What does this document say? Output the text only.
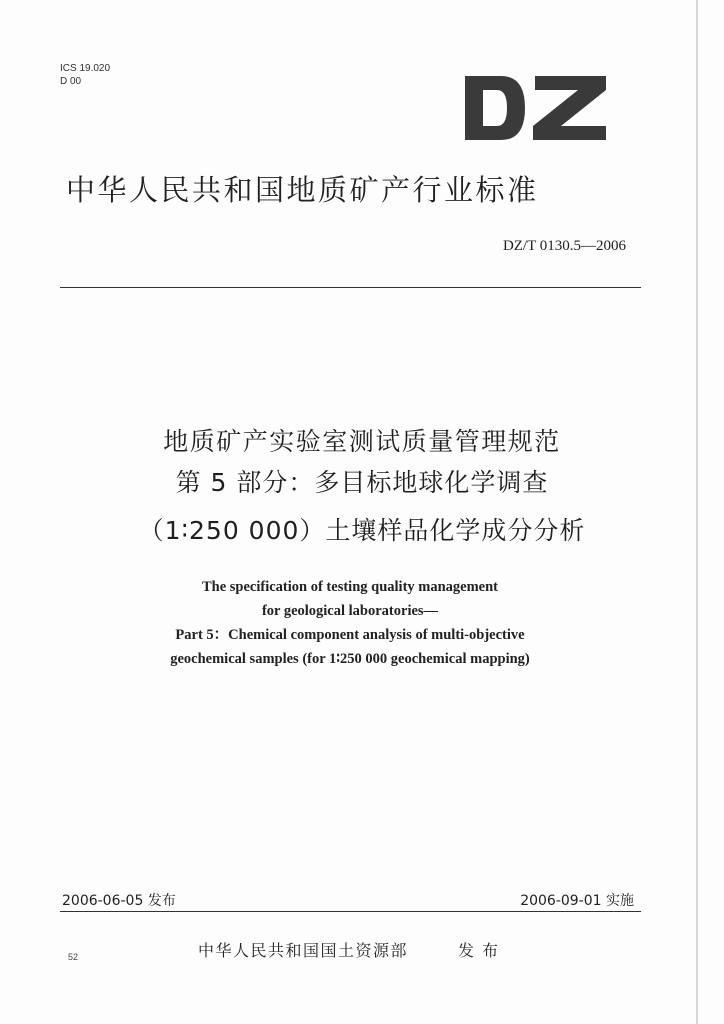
ICS 19.020
D 00
中华人民共和国地质矿产行业标准
DZ/T 0130.5—2006
地质矿产实验室测试质量管理规范
第 5 部分：多目标地球化学调查
（1∶250 000）土壤样品化学成分分析
The specification of testing quality management
for geological laboratories—
Part 5：Chemical component analysis of multi-objective
geochemical samples (for 1∶250 000 geochemical mapping)
2006-06-05 发布	2006-09-01 实施
中华人民共和国国土资源部	发布
52
